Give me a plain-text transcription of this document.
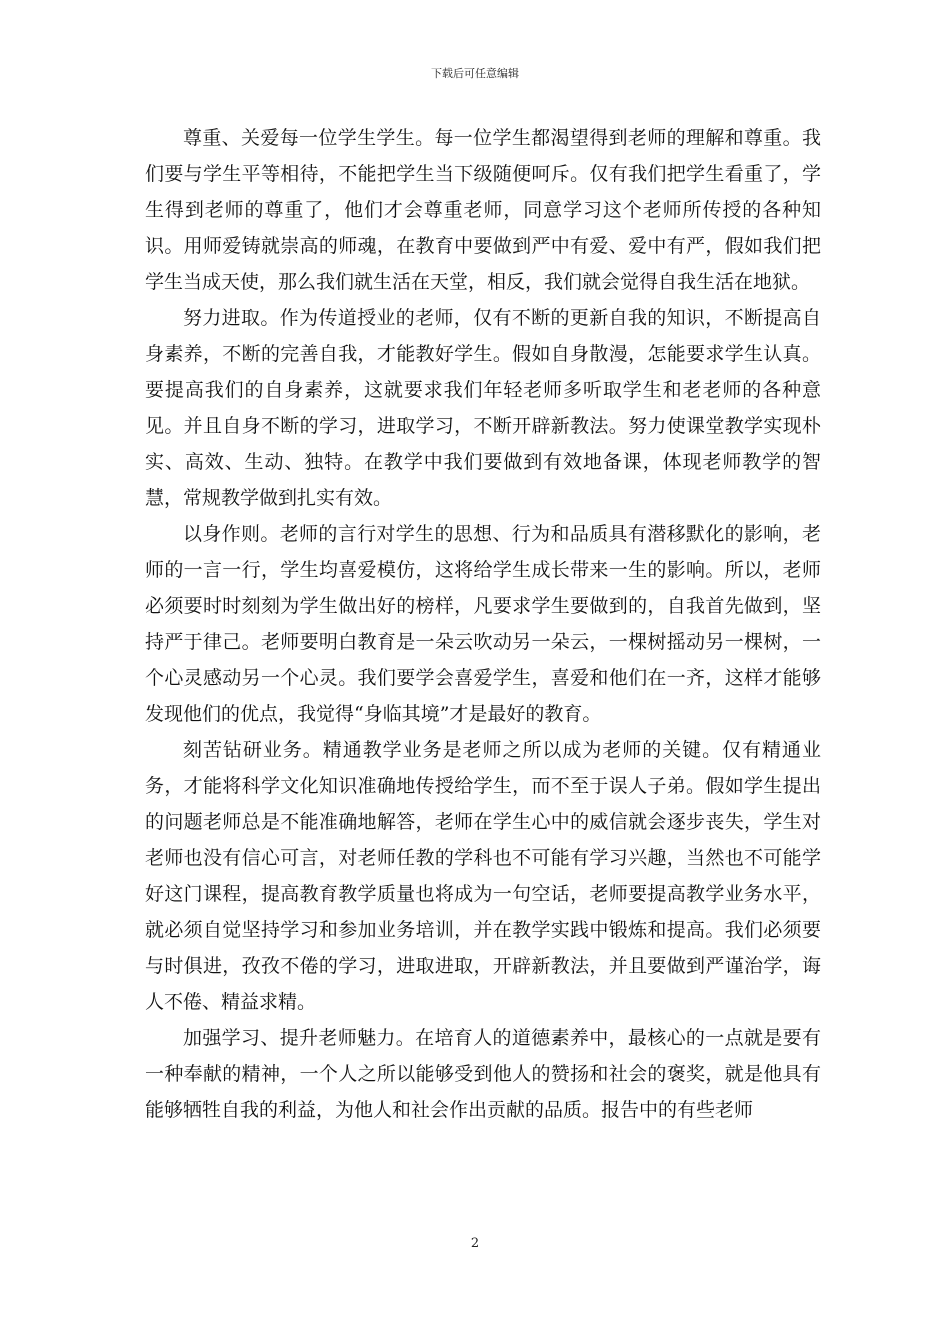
下载后可任意编辑

尊重、关爱每一位学生学生。每一位学生都渴望得到老师的理解和尊重。我们要与学生平等相待，不能把学生当下级随便呵斥。仅有我们把学生看重了，学生得到老师的尊重了，他们才会尊重老师，同意学习这个老师所传授的各种知识。用师爱铸就崇高的师魂，在教育中要做到严中有爱、爱中有严，假如我们把学生当成天使，那么我们就生活在天堂，相反，我们就会觉得自我生活在地狱。

努力进取。作为传道授业的老师，仅有不断的更新自我的知识，不断提高自身素养，不断的完善自我，才能教好学生。假如自身散漫，怎能要求学生认真。要提高我们的自身素养，这就要求我们年轻老师多听取学生和老老师的各种意见。并且自身不断的学习，进取学习，不断开辟新教法。努力使课堂教学实现朴实、高效、生动、独特。在教学中我们要做到有效地备课，体现老师教学的智慧，常规教学做到扎实有效。

以身作则。老师的言行对学生的思想、行为和品质具有潜移默化的影响，老师的一言一行，学生均喜爱模仿，这将给学生成长带来一生的影响。所以，老师必须要时时刻刻为学生做出好的榜样，凡要求学生要做到的，自我首先做到，坚持严于律己。老师要明白教育是一朵云吹动另一朵云，一棵树摇动另一棵树，一个心灵感动另一个心灵。我们要学会喜爱学生，喜爱和他们在一齐，这样才能够发现他们的优点，我觉得“身临其境”才是最好的教育。

刻苦钻研业务。精通教学业务是老师之所以成为老师的关键。仅有精通业务，才能将科学文化知识准确地传授给学生，而不至于误人子弟。假如学生提出的问题老师总是不能准确地解答，老师在学生心中的威信就会逐步丧失，学生对老师也没有信心可言，对老师任教的学科也不可能有学习兴趣，当然也不可能学好这门课程，提高教育教学质量也将成为一句空话，老师要提高教学业务水平，就必须自觉坚持学习和参加业务培训，并在教学实践中锻炼和提高。我们必须要与时俱进，孜孜不倦的学习，进取进取，开辟新教法，并且要做到严谨治学，诲人不倦、精益求精。

加强学习、提升老师魅力。在培育人的道德素养中，最核心的一点就是要有一种奉献的精神，一个人之所以能够受到他人的赞扬和社会的褒奖，就是他具有能够牺牲自我的利益，为他人和社会作出贡献的品质。报告中的有些老师

2
